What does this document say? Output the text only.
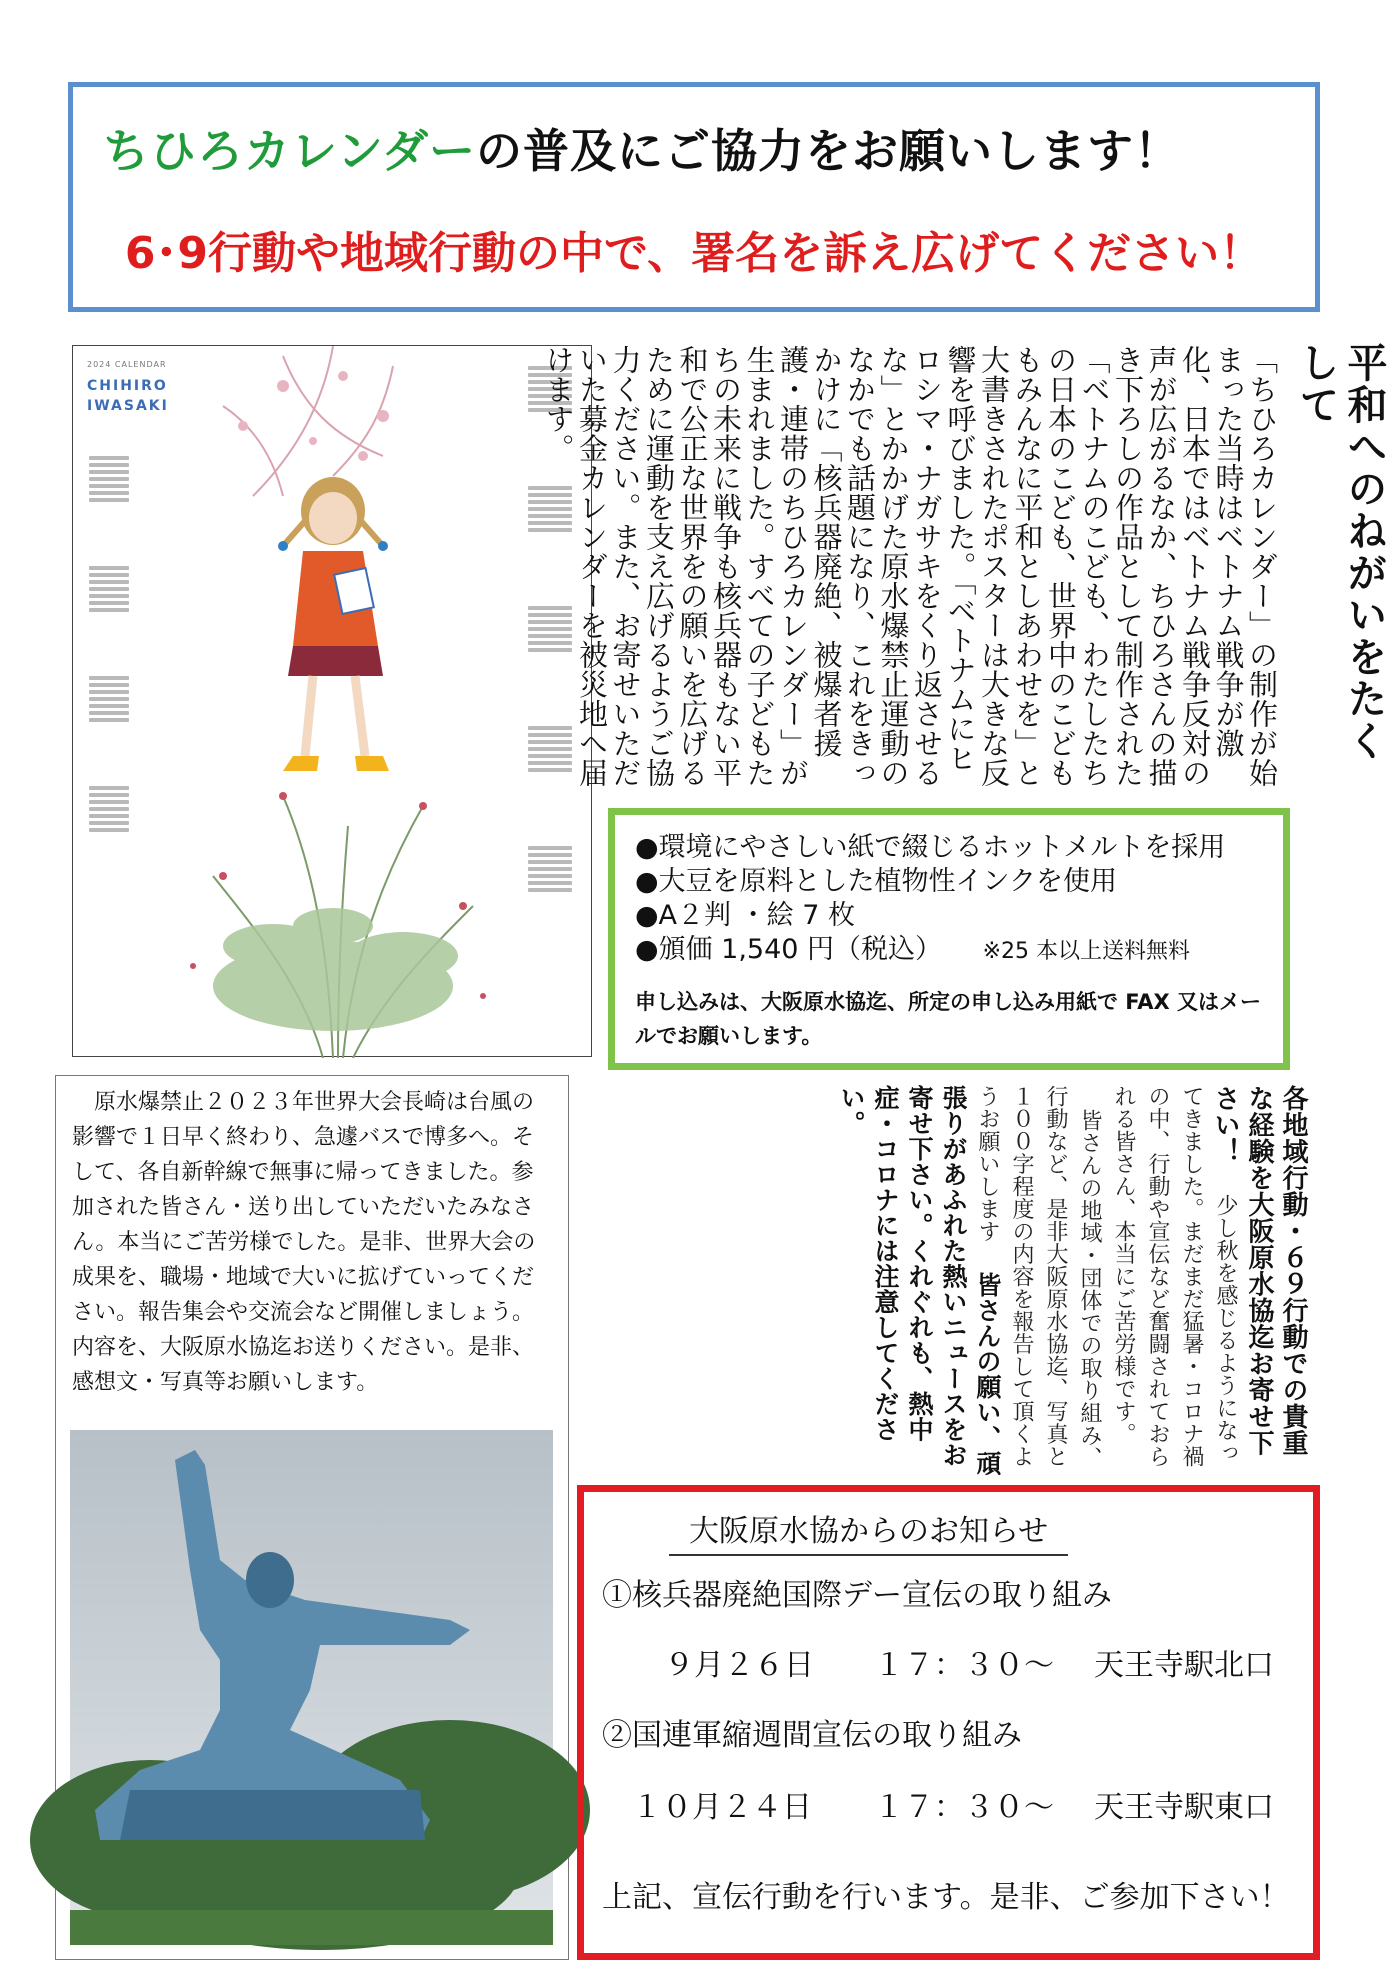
ちひろカレンダーの普及にご協力をお願いします！
6･9行動や地域行動の中で、署名を訴え広げてください！
2024 CALENDAR
CHIHIRO
IWASAKI	平和へのねがいをたくして
「ちひろカレンダー」の制作が始まった当時はベトナム戦争が激化、日本ではベトナム戦争反対の声が広がるなか、ちひろさんの描き下ろしの作品として制作された「ベトナムのこども、わたしたちの日本のこども、世界中のこどももみんなに平和としあわせを」と大書きされたポスターは大きな反響を呼びました。「ベトナムにヒロシマ・ナガサキをくり返させるな」とかかげた原水爆禁止運動のなかでも話題になり、これをきっかけに「核兵器廃絶、被爆者援護・連帯のちひろカレンダー」が生まれました。すべての子どもたちの未来に戦争も核兵器もない平和で公正な世界をの願いを広げるために運動を支え広げるようご協力ください。また、お寄せいただいた募金カレンダーを被災地へ届けます。
●環境にやさしい紙で綴じるホットメルトを採用
●大豆を原料とした植物性インクを使用
●A２判 ・絵 7 枚
●頒価 1,540 円（税込） ※25 本以上送料無料
申し込みは、大阪原水協迄、所定の申し込み用紙で FAX 又はメールでお願いします。
原水爆禁止２０２３年世界大会長崎は台風の影響で１日早く終わり、急遽バスで博多へ。そして、各自新幹線で無事に帰ってきました。参加された皆さん・送り出していただいたみなさん。本当にご苦労様でした。是非、世界大会の成果を、職場・地域で大いに拡げていってください。報告集会や交流会など開催しましょう。内容を、大阪原水協迄お送りください。是非、感想文・写真等お願いします。	各地域行動・６９行動での貴重な経験を大阪原水協迄お寄せ下さい！ 少し秋を感じるようになってきました。まだまだ猛暑・コロナ禍の中、行動や宣伝など奮闘されておられる皆さん、本当にご苦労様です。 皆さんの地域・団体での取り組み、行動など、是非大阪原水協迄、写真と１００字程度の内容を報告して頂くようお願いします 皆さんの願い、頑張りがあふれた熱いニュースをお寄せ下さい。くれぐれも、熱中症・コロナには注意してください。
大阪原水協からのお知らせ
①核兵器廃絶国際デー宣伝の取り組み
９月２６日 １７：３０～ 天王寺駅北口
②国連軍縮週間宣伝の取り組み
１０月２４日 １７：３０～ 天王寺駅東口
上記、宣伝行動を行います。是非、ご参加下さい！
